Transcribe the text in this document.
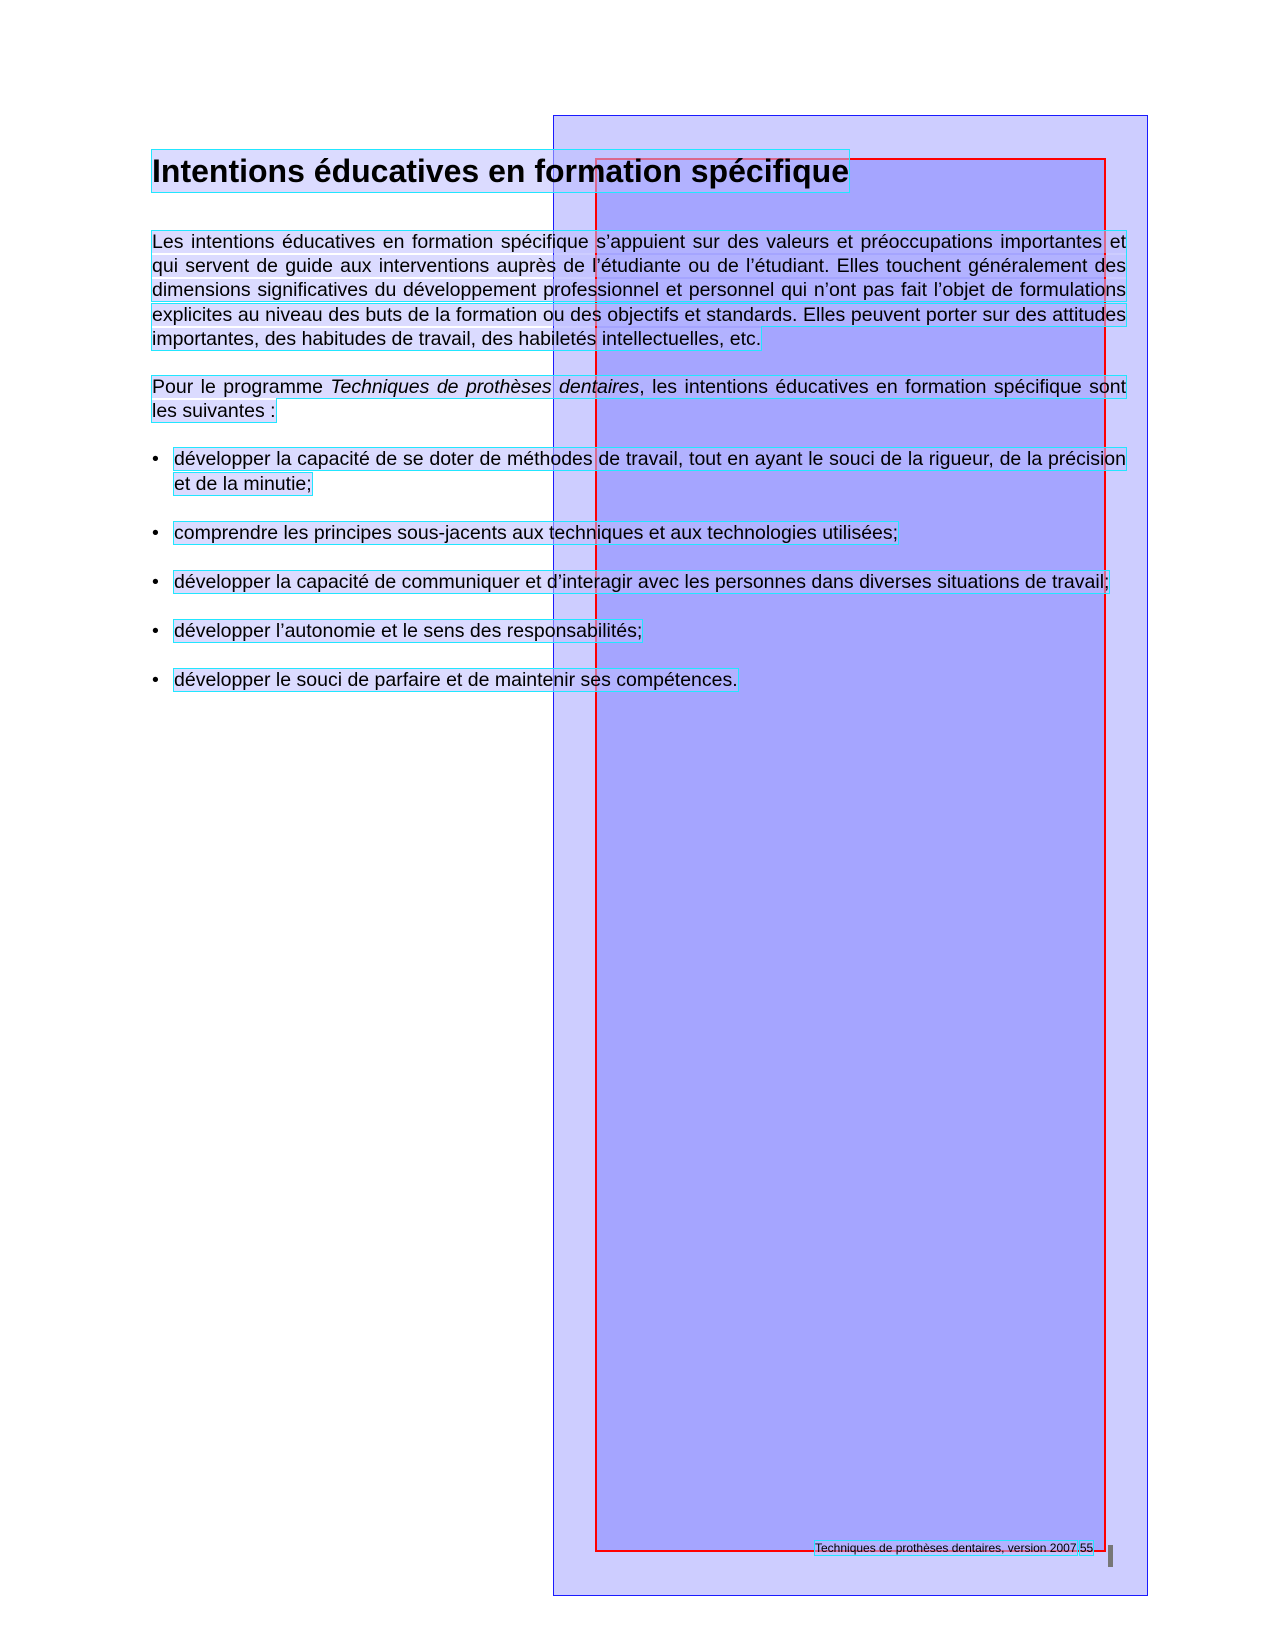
Intentions éducatives en formation spécifique

Les intentions éducatives en formation spécifique s’appuient sur des valeurs et préoccupations importantes et qui servent de guide aux interventions auprès de l’étudiante ou de l’étudiant. Elles touchent généralement des dimensions significatives du développement professionnel et personnel qui n’ont pas fait l’objet de formulations explicites au niveau des buts de la formation ou des objectifs et standards. Elles peuvent porter sur des attitudes importantes, des habitudes de travail, des habiletés intellectuelles, etc.

Pour le programme Techniques de prothèses dentaires, les intentions éducatives en formation spécifique sont les suivantes :

• développer la capacité de se doter de méthodes de travail, tout en ayant le souci de la rigueur, de la précision et de la minutie;
• comprendre les principes sous-jacents aux techniques et aux technologies utilisées;
• développer la capacité de communiquer et d’interagir avec les personnes dans diverses situations de travail;
• développer l’autonomie et le sens des responsabilités;
• développer le souci de parfaire et de maintenir ses compétences.
Techniques de prothèses dentaires, version 2007 55
